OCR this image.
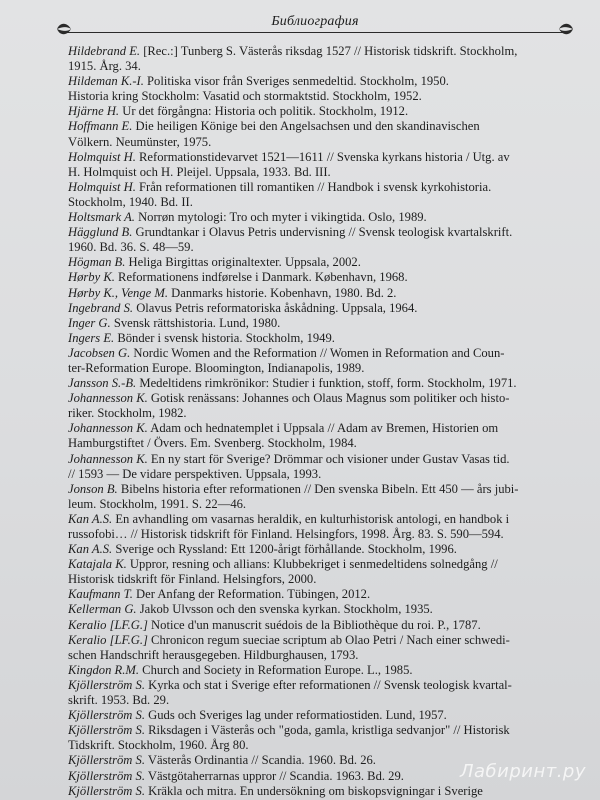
Библиография
Hildebrand E. [Rec.:] Tunberg S. Västerås riksdag 1527 // Historisk tidskrift. Stockholm,
1915. Årg. 34.
Hildeman K.-I. Politiska visor från Sveriges senmedeltid. Stockholm, 1950.
Historia kring Stockholm: Vasatid och stormaktstid. Stockholm, 1952.
Hjärne H. Ur det förgångna: Historia och politik. Stockholm, 1912.
Hoffmann E. Die heiligen Könige bei den Angelsachsen und den skandinavischen
Völkern. Neumünster, 1975.
Holmquist H. Reformationstidevarvet 1521—1611 // Svenska kyrkans historia / Utg. av
H. Holmquist och H. Pleijel. Uppsala, 1933. Bd. III.
Holmquist H. Från reformationen till romantiken // Handbok i svensk kyrkohistoria.
Stockholm, 1940. Bd. II.
Holtsmark A. Norrøn mytologi: Tro och myter i vikingtida. Oslo, 1989.
Hägglund B. Grundtankar i Olavus Petris undervisning // Svensk teologisk kvartalskrift.
1960. Bd. 36. S. 48—59.
Högman B. Heliga Birgittas originaltexter. Uppsala, 2002.
Hørby K. Reformationens indførelse i Danmark. København, 1968.
Hørby K., Venge M. Danmarks historie. Kobenhavn, 1980. Bd. 2.
Ingebrand S. Olavus Petris reformatoriska åskådning. Uppsala, 1964.
Inger G. Svensk rättshistoria. Lund, 1980.
Ingers E. Bönder i svensk historia. Stockholm, 1949.
Jacobsen G. Nordic Women and the Reformation // Women in Reformation and Coun-
ter-Reformation Europe. Bloomington, Indianapolis, 1989.
Jansson S.-B. Medeltidens rimkrönikor: Studier i funktion, stoff, form. Stockholm, 1971.
Johannesson K. Gotisk renässans: Johannes och Olaus Magnus som politiker och histo-
riker. Stockholm, 1982.
Johannesson K. Adam och hednatemplet i Uppsala // Adam av Bremen, Historien om
Hamburgstiftet / Övers. Em. Svenberg. Stockholm, 1984.
Johannesson K. En ny start för Sverige? Drömmar och visioner under Gustav Vasas tid.
// 1593 — De vidare perspektiven. Uppsala, 1993.
Jonson B. Bibelns historia efter reformationen // Den svenska Bibeln. Ett 450 — års jubi-
leum. Stockholm, 1991. S. 22—46.
Kan A.S. En avhandling om vasarnas heraldik, en kulturhistorisk antologi, en handbok i
russofobi… // Historisk tidskrift för Finland. Helsingfors, 1998. Årg. 83. S. 590—594.
Kan A.S. Sverige och Ryssland: Ett 1200-årigt förhållande. Stockholm, 1996.
Katajala K. Uppror, resning och allians: Klubbekriget i senmedeltidens solnedgång //
Historisk tidskrift för Finland. Helsingfors, 2000.
Kaufmann T. Der Anfang der Reformation. Tübingen, 2012.
Kellerman G. Jakob Ulvsson och den svenska kyrkan. Stockholm, 1935.
Keralio [LF.G.] Notice d'un manuscrit suédois de la Bibliothèque du roi. P., 1787.
Keralio [LF.G.] Chronicon regum sueciae scriptum ab Olao Petri / Nach einer schwedi-
schen Handschrift herausgegeben. Hildburghausen, 1793.
Kingdon R.M. Church and Society in Reformation Europe. L., 1985.
Kjöllerström S. Kyrka och stat i Sverige efter reformationen // Svensk teologisk kvartal-
skrift. 1953. Bd. 29.
Kjöllerström S. Guds och Sveriges lag under reformatiostiden. Lund, 1957.
Kjöllerström S. Riksdagen i Västerås och "goda, gamla, kristliga sedvanjor" // Historisk
Tidskrift. Stockholm, 1960. Årg 80.
Kjöllerström S. Västerås Ordinantia // Scandia. 1960. Bd. 26.
Kjöllerström S. Västgötaherrarnas uppror // Scandia. 1963. Bd. 29.
Kjöllerström S. Kräkla och mitra. En undersökning om biskopsvigningar i Sverige
Лабиринт.ру
